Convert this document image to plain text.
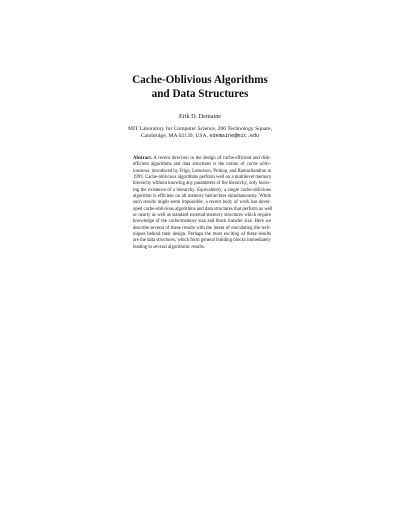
Cache-Oblivious Algorithms
and Data Structures
Erik D. Demaine
MIT Laboratory for Computer Science, 200 Technology Square,
Cambridge, MA 02139, USA, edemaine@mit.edu
Abstract. A recent direction in the design of cache-efficient and disk-
efficient algorithms and data structures is the notion of cache obliv-
iousness, introduced by Frigo, Leiserson, Prokop, and Ramachandran in
1999. Cache-oblivious algorithms perform well on a multilevel memory
hierarchy without knowing any parameters of the hierarchy, only know-
ing the existence of a hierarchy. Equivalently, a single cache-oblivious
algorithm is efficient on all memory hierarchies simultaneously. While
such results might seem impossible, a recent body of work has devel-
oped cache-oblivious algorithms and data structures that perform as well
or nearly as well as standard external-memory structures which require
knowledge of the cache/memory size and block transfer size. Here we
describe several of these results with the intent of elucidating the tech-
niques behind their design. Perhaps the most exciting of these results
are the data structures, which form general building blocks immediately
leading to several algorithmic results.
